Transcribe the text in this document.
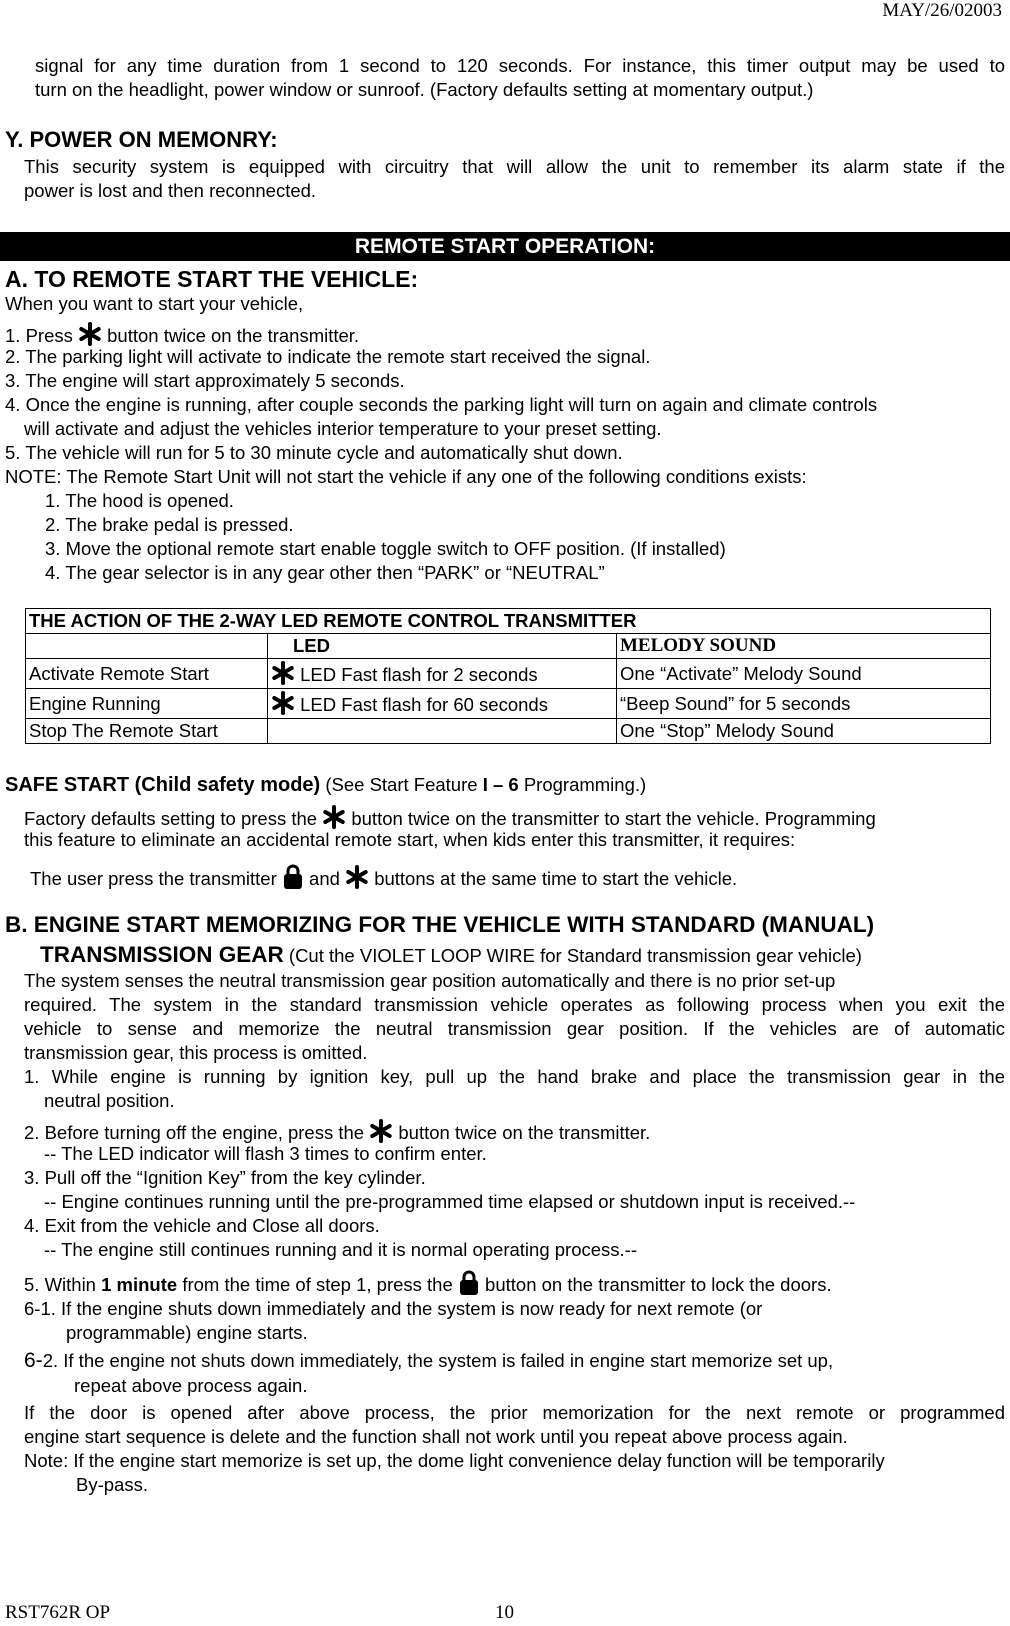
MAY/26/02003
signal for any time duration from 1 second to 120 seconds. For instance, this timer output may be used to
turn on the headlight, power window or sunroof. (Factory defaults setting at momentary output.)
Y. POWER ON MEMONRY:
This security system is equipped with circuitry that will allow the unit to remember its alarm state if the
power is lost and then reconnected.
REMOTE START OPERATION:
A. TO REMOTE START THE VEHICLE:
When you want to start your vehicle,
1. Press button twice on the transmitter.
2. The parking light will activate to indicate the remote start received the signal.
3. The engine will start approximately 5 seconds.
4. Once the engine is running, after couple seconds the parking light will turn on again and climate controls
will activate and adjust the vehicles interior temperature to your preset setting.
5. The vehicle will run for 5 to 30 minute cycle and automatically shut down.
NOTE: The Remote Start Unit will not start the vehicle if any one of the following conditions exists:
1. The hood is opened.
2. The brake pedal is pressed.
3. Move the optional remote start enable toggle switch to OFF position. (If installed)
4. The gear selector is in any gear other then “PARK” or “NEUTRAL”
THE ACTION OF THE 2-WAY LED REMOTE CONTROL TRANSMITTER		
	LED	MELODY SOUND
Activate Remote Start	LED Fast flash for 2 seconds	One “Activate” Melody Sound
Engine Running	LED Fast flash for 60 seconds	“Beep Sound” for 5 seconds
Stop The Remote Start		One “Stop” Melody Sound
SAFE START (Child safety mode) (See Start Feature I – 6 Programming.)
Factory defaults setting to press the button twice on the transmitter to start the vehicle. Programming
this feature to eliminate an accidental remote start, when kids enter this transmitter, it requires:
The user press the transmitter and buttons at the same time to start the vehicle.
B. ENGINE START MEMORIZING FOR THE VEHICLE WITH STANDARD (MANUAL)
TRANSMISSION GEAR (Cut the VIOLET LOOP WIRE for Standard transmission gear vehicle)
The system senses the neutral transmission gear position automatically and there is no prior set-up
required. The system in the standard transmission vehicle operates as following process when you exit the
vehicle to sense and memorize the neutral transmission gear position. If the vehicles are of automatic
transmission gear, this process is omitted.
1. While engine is running by ignition key, pull up the hand brake and place the transmission gear in the
neutral position.
2. Before turning off the engine, press the button twice on the transmitter.
-- The LED indicator will flash 3 times to confirm enter.
3. Pull off the “Ignition Key” from the key cylinder.
-- Engine continues running until the pre-programmed time elapsed or shutdown input is received.--
4. Exit from the vehicle and Close all doors.
-- The engine still continues running and it is normal operating process.--
5. Within 1 minute from the time of step 1, press the button on the transmitter to lock the doors.
6-1. If the engine shuts down immediately and the system is now ready for next remote (or
programmable) engine starts.
6-2. If the engine not shuts down immediately, the system is failed in engine start memorize set up,
repeat above process again.
If the door is opened after above process, the prior memorization for the next remote or programmed
engine start sequence is delete and the function shall not work until you repeat above process again.
Note: If the engine start memorize is set up, the dome light convenience delay function will be temporarily
By-pass.
RST762R OP	10
